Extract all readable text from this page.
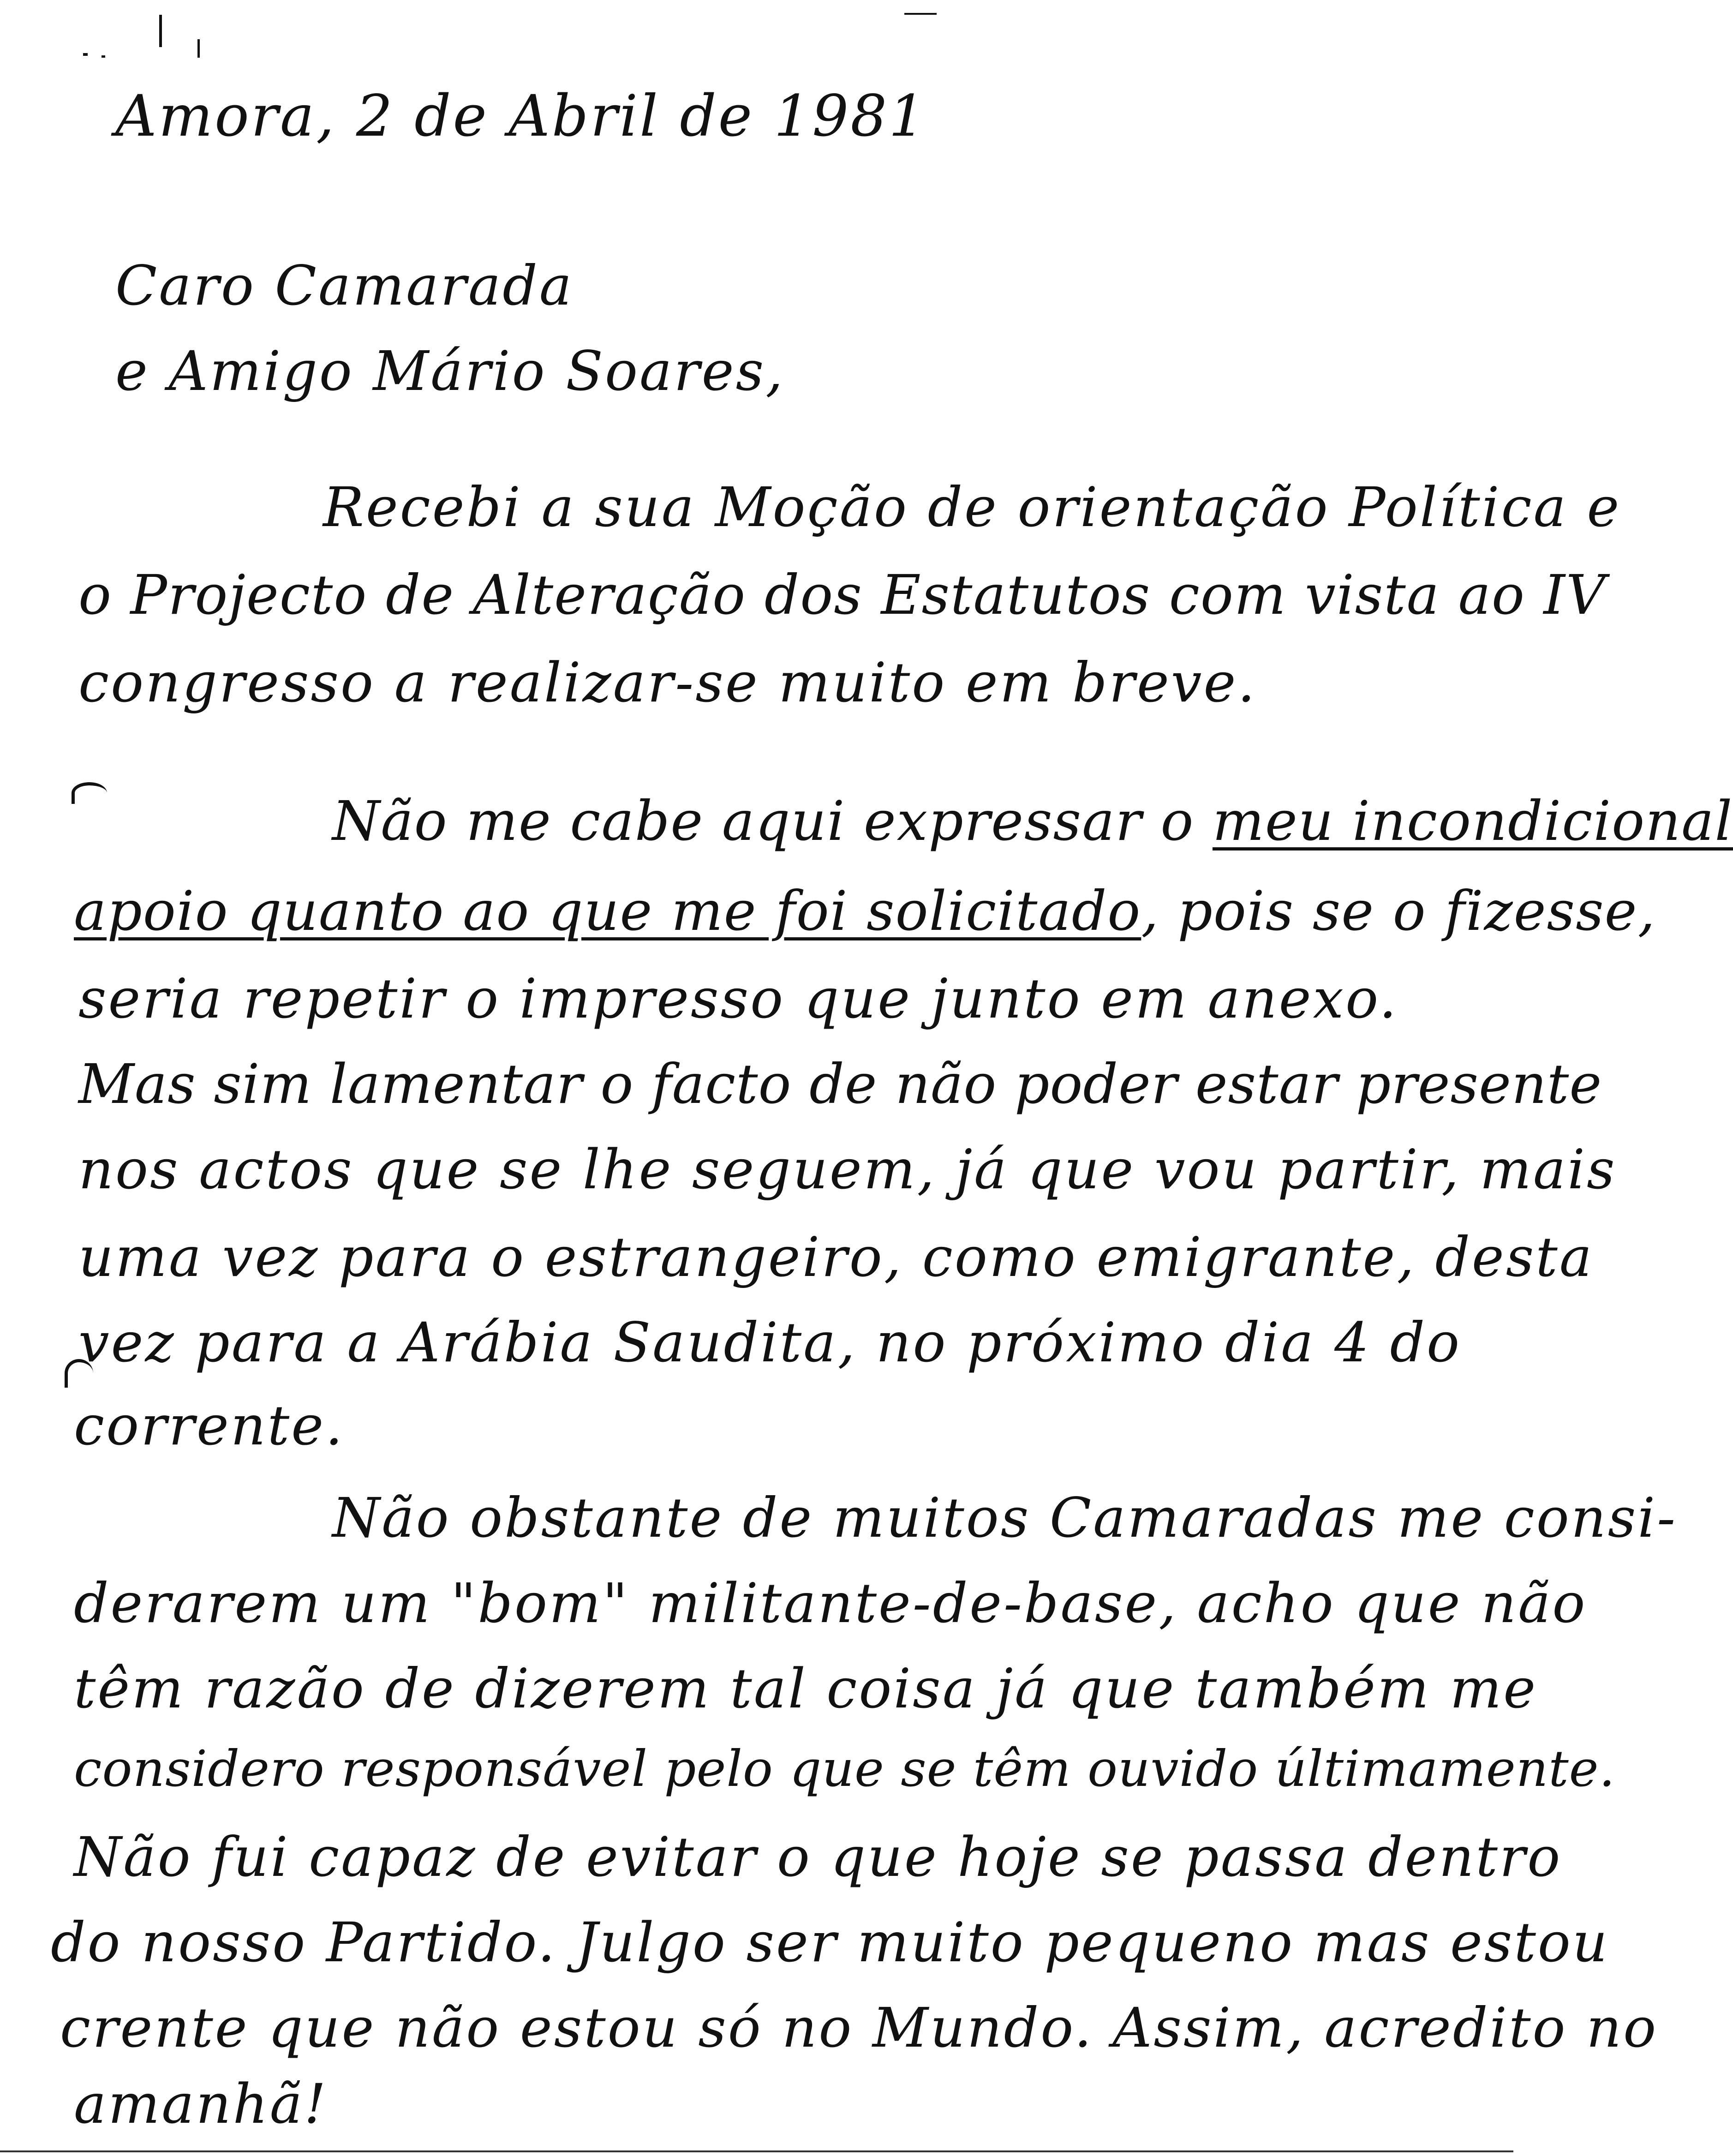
Amora, 2 de Abril de 1981
Caro Camarada
e Amigo Mário Soares,
Recebi a sua Moção de orientação Política e
o Projecto de Alteração dos Estatutos com vista ao IV
congresso a realizar-se muito em breve.
Não me cabe aqui expressar o meu incondicional
apoio quanto ao que me foi solicitado, pois se o fizesse,
seria repetir o impresso que junto em anexo.
Mas sim lamentar o facto de não poder estar presente
nos actos que se lhe seguem, já que vou partir, mais
uma vez para o estrangeiro, como emigrante, desta
vez para a Arábia Saudita, no próximo dia 4 do
corrente.
Não obstante de muitos Camaradas me consi-
derarem um "bom" militante-de-base, acho que não
têm razão de dizerem tal coisa já que também me
considero responsável pelo que se têm ouvido últimamente.
Não fui capaz de evitar o que hoje se passa dentro
do nosso Partido. Julgo ser muito pequeno mas estou
crente que não estou só no Mundo. Assim, acredito no
amanhã!
